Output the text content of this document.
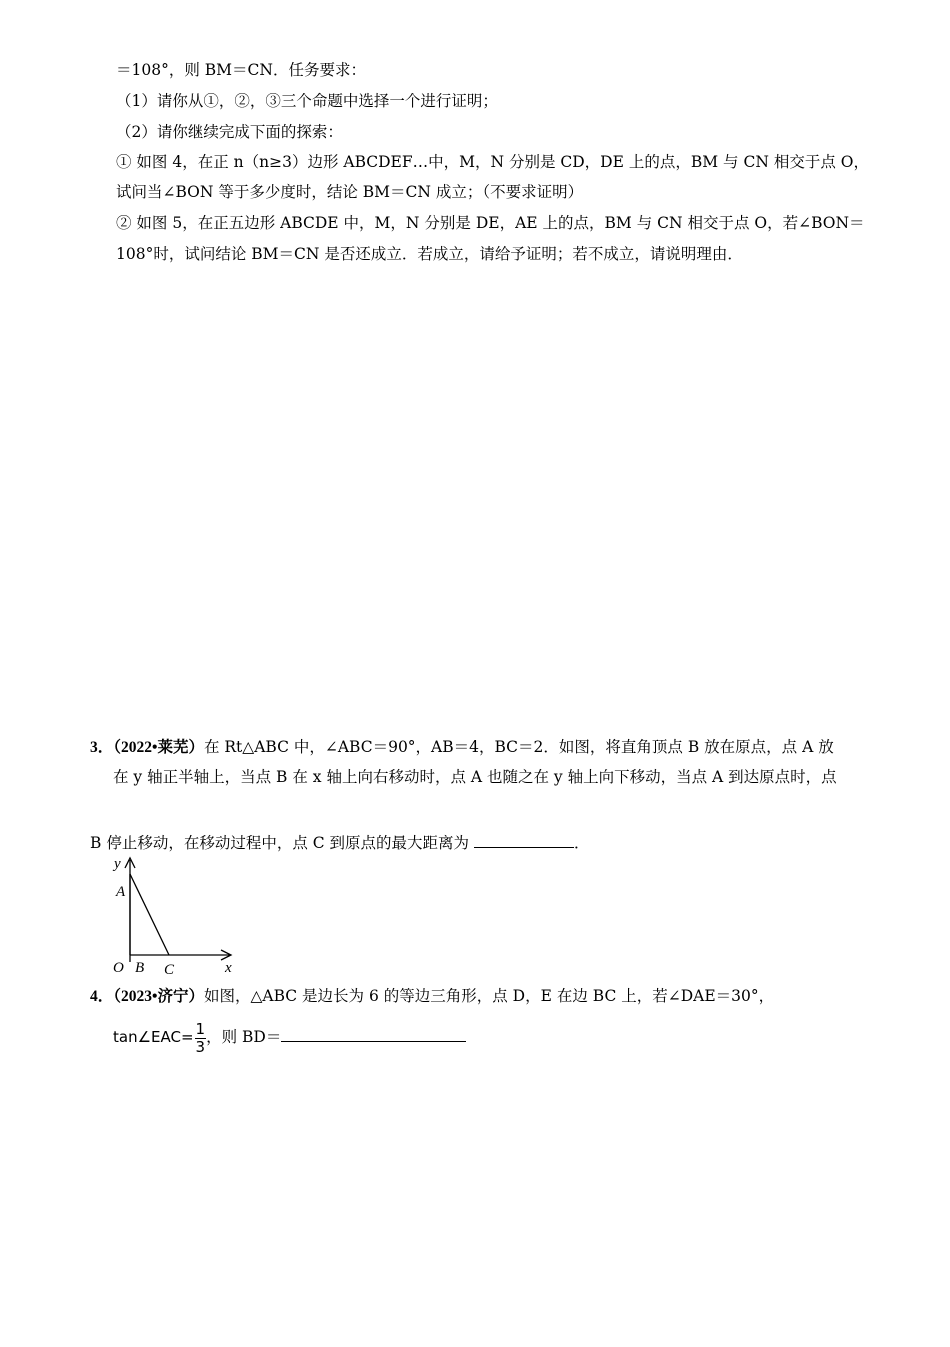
＝108°，则 BM＝CN．任务要求：
（1）请你从①，②，③三个命题中选择一个进行证明；
（2）请你继续完成下面的探索：
① 如图 4，在正 n（n≥3）边形 ABCDEF…中，M，N 分别是 CD，DE 上的点，BM 与 CN 相交于点 O，
试问当∠BON 等于多少度时，结论 BM＝CN 成立；（不要求证明）
② 如图 5，在正五边形 ABCDE 中，M，N 分别是 DE，AE 上的点，BM 与 CN 相交于点 O，若∠BON＝
108°时，试问结论 BM＝CN 是否还成立．若成立，请给予证明；若不成立，请说明理由．
3．（2022•莱芜）在 Rt△ABC 中，∠ABC＝90°，AB＝4，BC＝2．如图，将直角顶点 B 放在原点，点 A 放
在 y 轴正半轴上，当点 B 在 x 轴上向右移动时，点 A 也随之在 y 轴上向下移动，当点 A 到达原点时，点
B 停止移动，在移动过程中，点 C 到原点的最大距离为	．
y
A
O B C	x
4．（2023•济宁）如图，△ABC 是边长为 6 的等边三角形，点 D，E 在边 BC 上，若∠DAE＝30°，
tan∠EAC= $\frac{1}{3}$ ，则 BD＝
